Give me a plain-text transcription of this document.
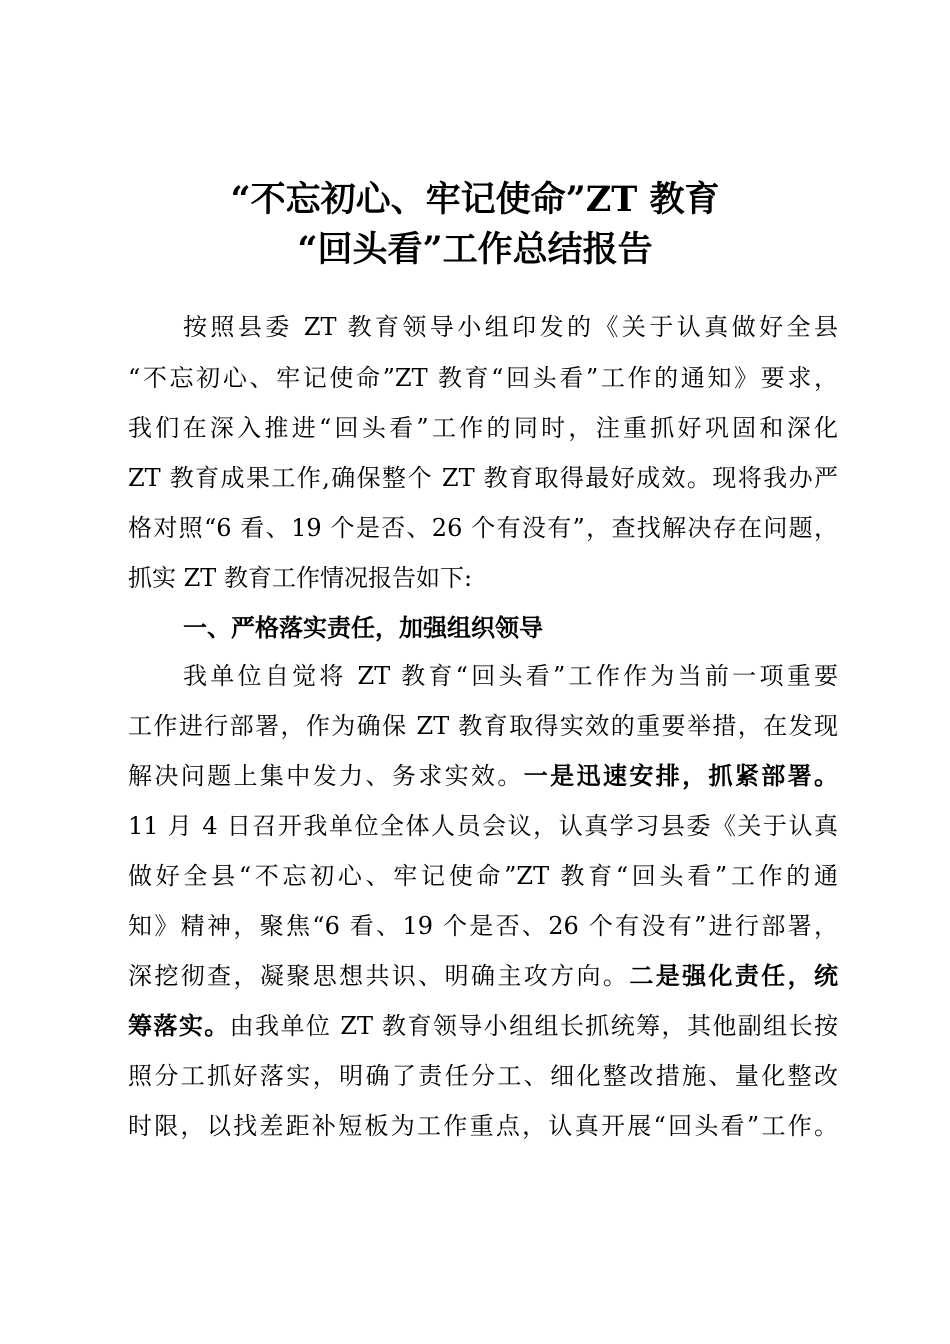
“不忘初心、牢记使命”ZT 教育
“回头看”工作总结报告
按照县委 ZT 教育领导小组印发的《关于认真做好全县
“不忘初心、牢记使命”ZT 教育“回头看”工作的通知》要求，
我们在深入推进“回头看”工作的同时，注重抓好巩固和深化
ZT 教育成果工作,确保整个 ZT 教育取得最好成效。现将我办严
格对照“6 看、19 个是否、26 个有没有”，查找解决存在问题，
抓实 ZT 教育工作情况报告如下:
一、严格落实责任，加强组织领导
我单位自觉将 ZT 教育“回头看”工作作为当前一项重要
工作进行部署，作为确保 ZT 教育取得实效的重要举措，在发现
解决问题上集中发力、务求实效。一是迅速安排，抓紧部署。
11 月 4 日召开我单位全体人员会议，认真学习县委《关于认真
做好全县“不忘初心、牢记使命”ZT 教育“回头看”工作的通
知》精神，聚焦“6 看、19 个是否、26 个有没有”进行部署，
深挖彻查，凝聚思想共识、明确主攻方向。二是强化责任，统
筹落实。由我单位 ZT 教育领导小组组长抓统筹，其他副组长按
照分工抓好落实，明确了责任分工、细化整改措施、量化整改
时限，以找差距补短板为工作重点，认真开展“回头看”工作。
